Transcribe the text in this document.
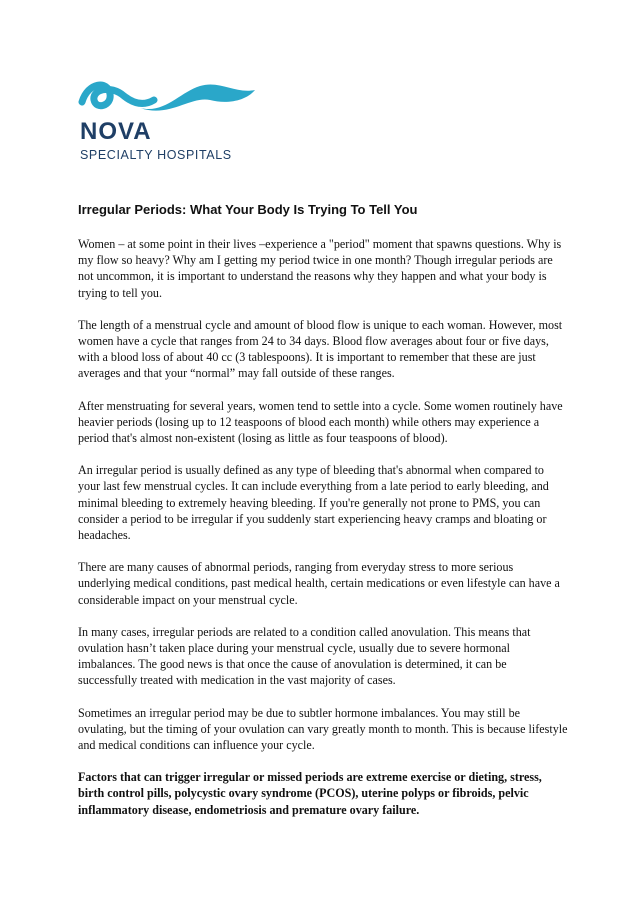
NOVA
SPECIALTY HOSPITALS
Irregular Periods: What Your Body Is Trying To Tell You

Women – at some point in their lives –experience a "period" moment that spawns questions. Why is my flow so heavy? Why am I getting my period twice in one month? Though irregular periods are not uncommon, it is important to understand the reasons why they happen and what your body is trying to tell you.

The length of a menstrual cycle and amount of blood flow is unique to each woman. However, most women have a cycle that ranges from 24 to 34 days. Blood flow averages about four or five days, with a blood loss of about 40 cc (3 tablespoons). It is important to remember that these are just averages and that your “normal” may fall outside of these ranges.

After menstruating for several years, women tend to settle into a cycle. Some women routinely have heavier periods (losing up to 12 teaspoons of blood each month) while others may experience a period that's almost non-existent (losing as little as four teaspoons of blood).

An irregular period is usually defined as any type of bleeding that's abnormal when compared to your last few menstrual cycles. It can include everything from a late period to early bleeding, and minimal bleeding to extremely heaving bleeding. If you're generally not prone to PMS, you can consider a period to be irregular if you suddenly start experiencing heavy cramps and bloating or headaches.

There are many causes of abnormal periods, ranging from everyday stress to more serious underlying medical conditions, past medical health, certain medications or even lifestyle can have a considerable impact on your menstrual cycle.

In many cases, irregular periods are related to a condition called anovulation. This means that ovulation hasn’t taken place during your menstrual cycle, usually due to severe hormonal imbalances. The good news is that once the cause of anovulation is determined, it can be successfully treated with medication in the vast majority of cases.

Sometimes an irregular period may be due to subtler hormone imbalances. You may still be ovulating, but the timing of your ovulation can vary greatly month to month. This is because lifestyle and medical conditions can influence your cycle.

Factors that can trigger irregular or missed periods are extreme exercise or dieting, stress, birth control pills, polycystic ovary syndrome (PCOS), uterine polyps or fibroids, pelvic inflammatory disease, endometriosis and premature ovary failure.
